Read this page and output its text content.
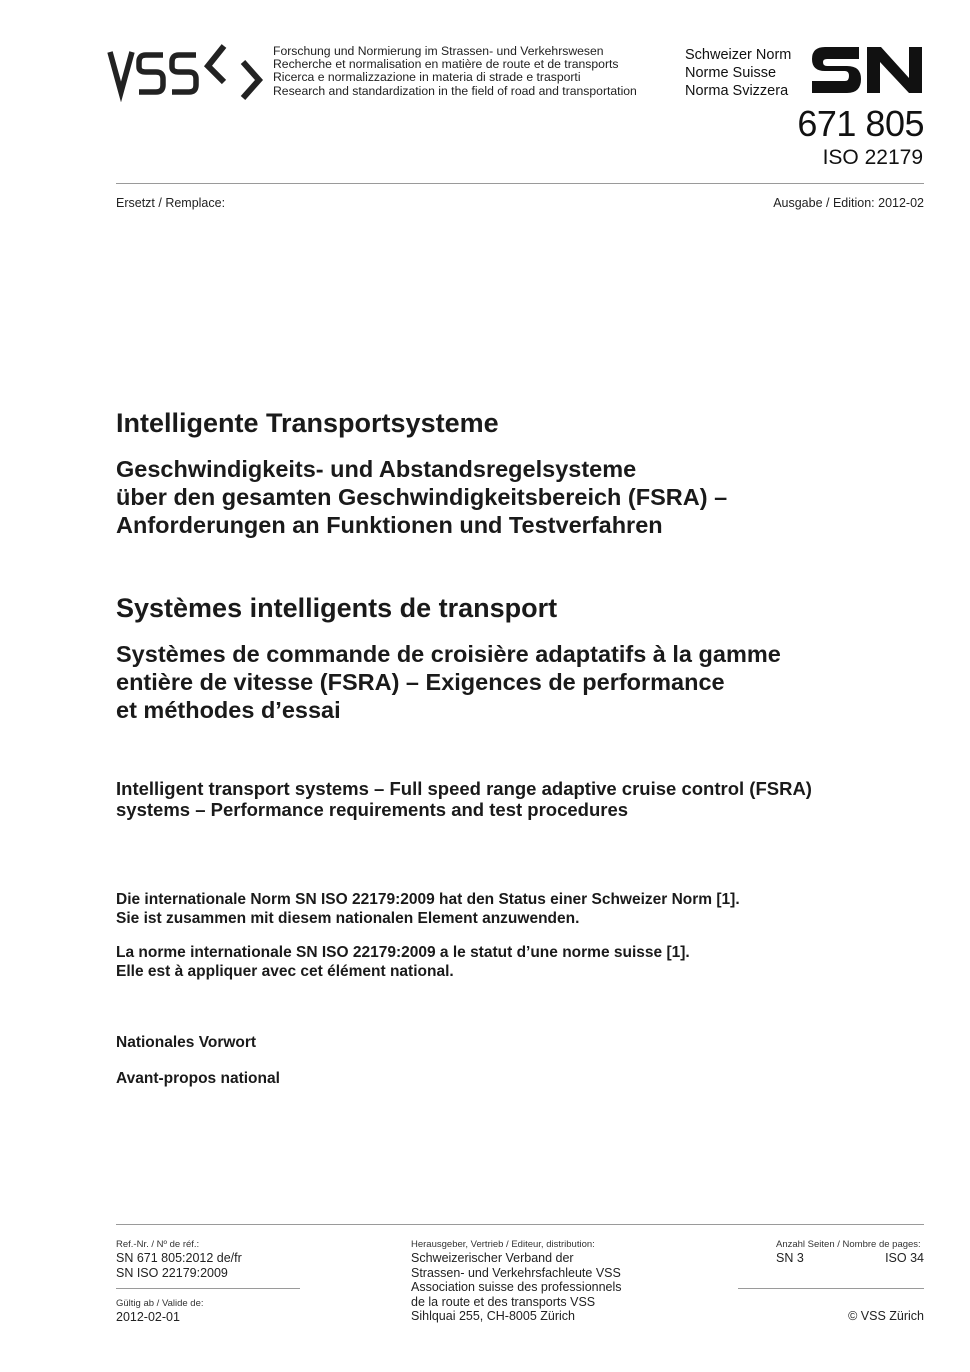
Forschung und Normierung im Strassen- und Verkehrswesen
Recherche et normalisation en matière de route et de transports
Ricerca e normalizzazione in materia di strade e trasporti
Research and standardization in the field of road and transportation
Schweizer Norm
Norme Suisse
Norma Svizzera
671 805
ISO 22179
Ersetzt / Remplace:	Ausgabe / Edition: 2012-02
Intelligente Transportsysteme
Geschwindigkeits- und Abstandsregelsysteme
über den gesamten Geschwindigkeitsbereich (FSRA) –
Anforderungen an Funktionen und Testverfahren
Systèmes intelligents de transport
Systèmes de commande de croisière adaptatifs à la gamme
entière de vitesse (FSRA) – Exigences de performance
et méthodes d’essai
Intelligent transport systems – Full speed range adaptive cruise control (FSRA)
systems – Performance requirements and test procedures
Die internationale Norm SN ISO 22179:2009 hat den Status einer Schweizer Norm [1].
Sie ist zusammen mit diesem nationalen Element anzuwenden.
La norme internationale SN ISO 22179:2009 a le statut d’une norme suisse [1].
Elle est à appliquer avec cet élément national.
Nationales Vorwort
Avant-propos national
Ref.-Nr. / Nº de réf.:
SN 671 805:2012 de/fr
SN ISO 22179:2009
Gültig ab / Valide de:
2012-02-01
Herausgeber, Vertrieb / Editeur, distribution:
Schweizerischer Verband der
Strassen- und Verkehrsfachleute VSS
Association suisse des professionnels
de la route et des transports VSS
Sihlquai 255, CH-8005 Zürich
Anzahl Seiten / Nombre de pages:
SN 3	ISO 34
© VSS Zürich
